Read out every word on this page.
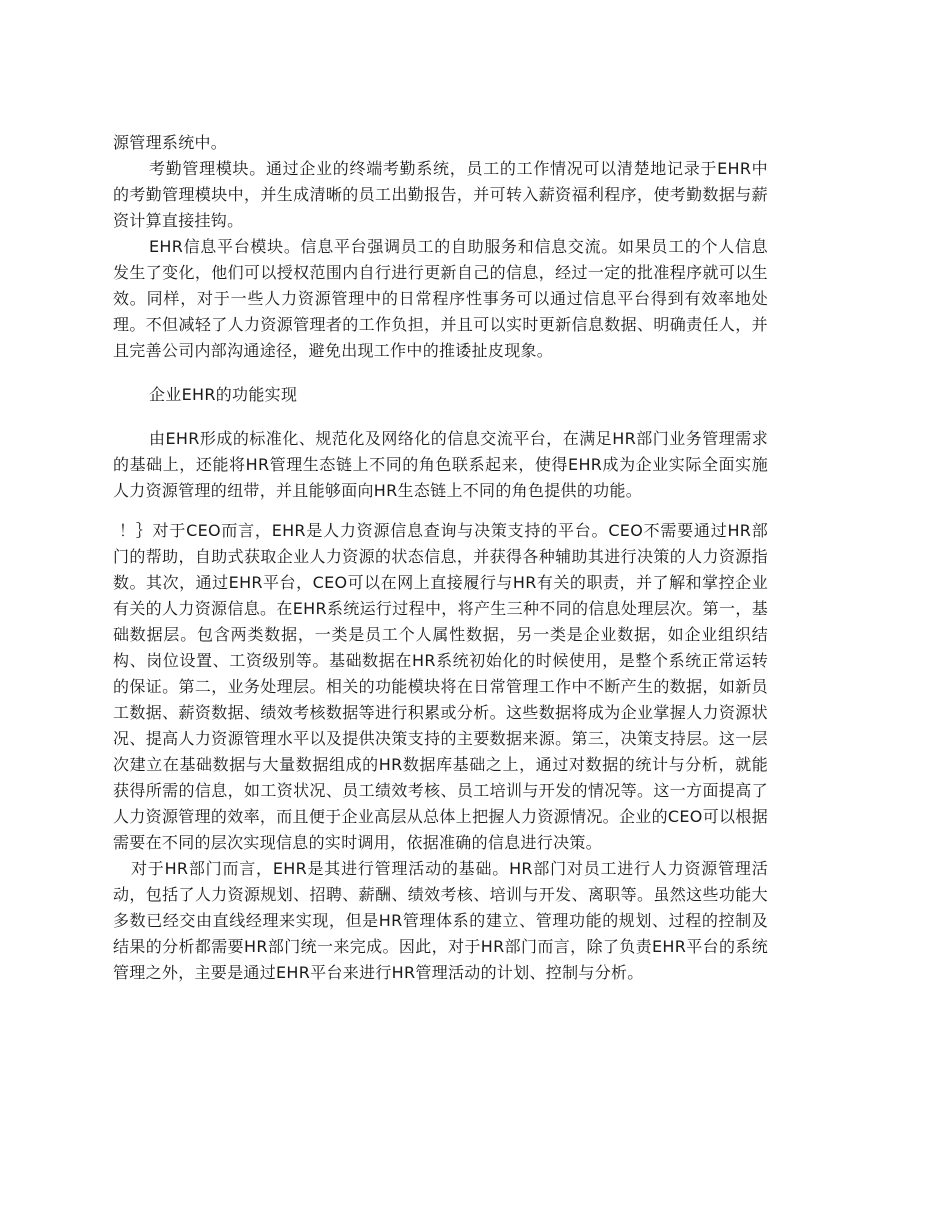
源管理系统中。

考勤管理模块。通过企业的终端考勤系统，员工的工作情况可以清楚地记录于EHR中的考勤管理模块中，并生成清晰的员工出勤报告，并可转入薪资福利程序，使考勤数据与薪资计算直接挂钩。

EHR信息平台模块。信息平台强调员工的自助服务和信息交流。如果员工的个人信息发生了变化，他们可以授权范围内自行进行更新自己的信息，经过一定的批准程序就可以生效。同样，对于一些人力资源管理中的日常程序性事务可以通过信息平台得到有效率地处理。不但减轻了人力资源管理者的工作负担，并且可以实时更新信息数据、明确责任人，并且完善公司内部沟通途径，避免出现工作中的推诿扯皮现象。

企业EHR的功能实现

由EHR形成的标准化、规范化及网络化的信息交流平台，在满足HR部门业务管理需求的基础上，还能将HR管理生态链上不同的角色联系起来，使得EHR成为企业实际全面实施人力资源管理的纽带，并且能够面向HR生态链上不同的角色提供的功能。

！｝对于CEO而言，EHR是人力资源信息查询与决策支持的平台。CEO不需要通过HR部门的帮助，自助式获取企业人力资源的状态信息，并获得各种辅助其进行决策的人力资源指数。其次，通过EHR平台，CEO可以在网上直接履行与HR有关的职责，并了解和掌控企业有关的人力资源信息。在EHR系统运行过程中，将产生三种不同的信息处理层次。第一，基础数据层。包含两类数据，一类是员工个人属性数据，另一类是企业数据，如企业组织结构、岗位设置、工资级别等。基础数据在HR系统初始化的时候使用，是整个系统正常运转的保证。第二，业务处理层。相关的功能模块将在日常管理工作中不断产生的数据，如新员工数据、薪资数据、绩效考核数据等进行积累或分析。这些数据将成为企业掌握人力资源状况、提高人力资源管理水平以及提供决策支持的主要数据来源。第三，决策支持层。这一层次建立在基础数据与大量数据组成的HR数据库基础之上，通过对数据的统计与分析，就能获得所需的信息，如工资状况、员工绩效考核、员工培训与开发的情况等。这一方面提高了人力资源管理的效率，而且便于企业高层从总体上把握人力资源情况。企业的CEO可以根据需要在不同的层次实现信息的实时调用，依据准确的信息进行决策。

对于HR部门而言，EHR是其进行管理活动的基础。HR部门对员工进行人力资源管理活动，包括了人力资源规划、招聘、薪酬、绩效考核、培训与开发、离职等。虽然这些功能大多数已经交由直线经理来实现，但是HR管理体系的建立、管理功能的规划、过程的控制及结果的分析都需要HR部门统一来完成。因此，对于HR部门而言，除了负责EHR平台的系统管理之外，主要是通过EHR平台来进行HR管理活动的计划、控制与分析。
